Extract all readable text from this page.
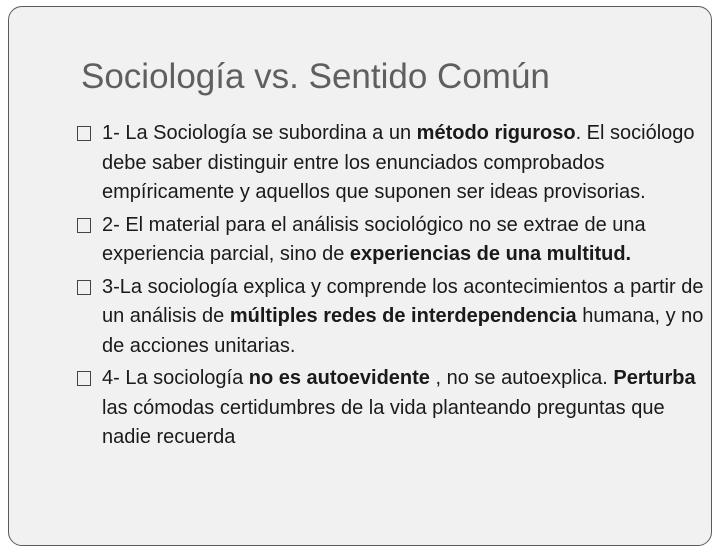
Sociología vs. Sentido Común
1- La Sociología se subordina a un método riguroso. El sociólogo debe saber distinguir entre los enunciados comprobados empíricamente y aquellos que suponen ser ideas provisorias.
2- El material para el análisis sociológico no se extrae de una experiencia parcial, sino de experiencias de una multitud.
3-La sociología explica y comprende los acontecimientos a partir de un análisis de múltiples redes de interdependencia humana, y no de acciones unitarias.
4- La sociología no es autoevidente , no se autoexplica. Perturba las cómodas certidumbres de la vida planteando preguntas que nadie recuerda
